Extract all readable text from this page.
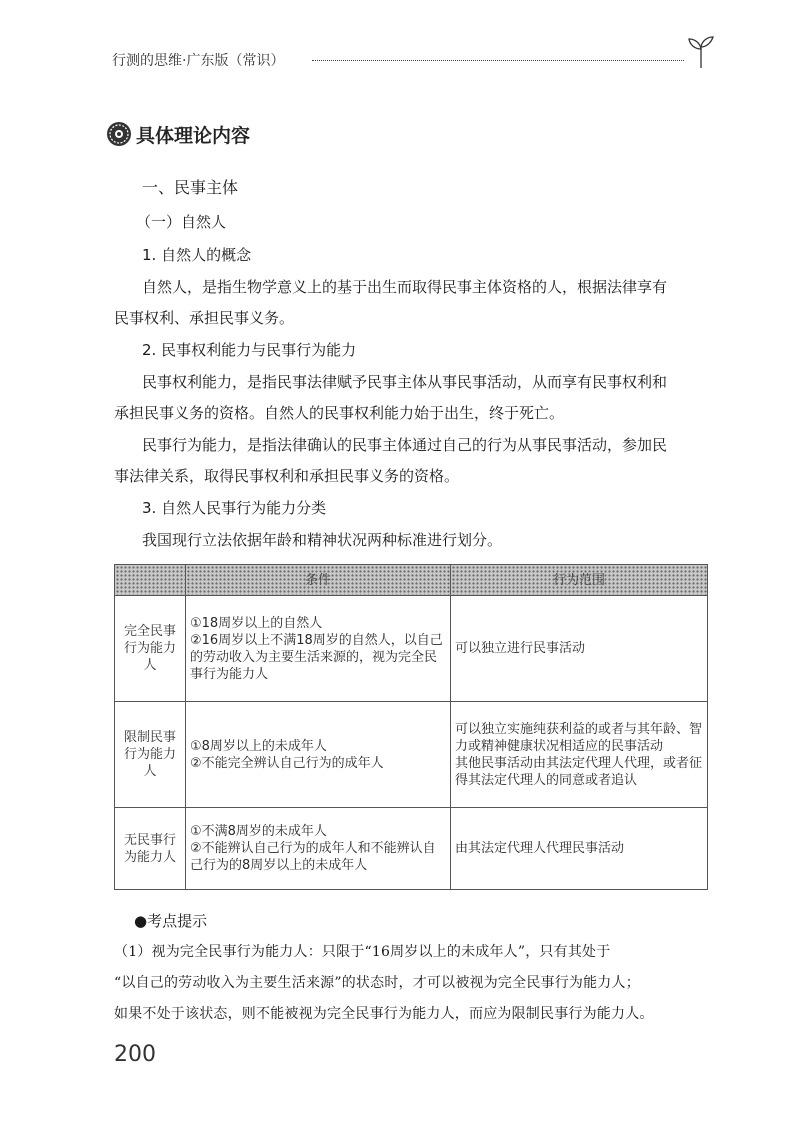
行测的思维·广东版（常识）
具体理论内容
一、民事主体
（一）自然人
1. 自然人的概念
自然人，是指生物学意义上的基于出生而取得民事主体资格的人，根据法律享有
民事权利、承担民事义务。
2. 民事权利能力与民事行为能力
民事权利能力，是指民事法律赋予民事主体从事民事活动，从而享有民事权利和
承担民事义务的资格。自然人的民事权利能力始于出生，终于死亡。
民事行为能力，是指法律确认的民事主体通过自己的行为从事民事活动，参加民
事法律关系，取得民事权利和承担民事义务的资格。
3. 自然人民事行为能力分类
我国现行立法依据年龄和精神状况两种标准进行划分。
	条件	行为范围
完全民事行为能力人	①18周岁以上的自然人
②16周岁以上不满18周岁的自然人，以自己的劳动收入为主要生活来源的，视为完全民事行为能力人	可以独立进行民事活动

限制民事行为能力人	①8周岁以上的未成年人
②不能完全辨认自己行为的成年人	可以独立实施纯获利益的或者与其年龄、智力或精神健康状况相适应的民事活动
其他民事活动由其法定代理人代理，或者征得其法定代理人的同意或者追认

无民事行为能力人	①不满8周岁的未成年人
②不能辨认自己行为的成年人和不能辨认自己行为的8周岁以上的未成年人	由其法定代理人代理民事活动
●考点提示
（1）视为完全民事行为能力人：只限于“16周岁以上的未成年人”，只有其处于
“以自己的劳动收入为主要生活来源”的状态时，才可以被视为完全民事行为能力人；
如果不处于该状态，则不能被视为完全民事行为能力人，而应为限制民事行为能力人。
200
